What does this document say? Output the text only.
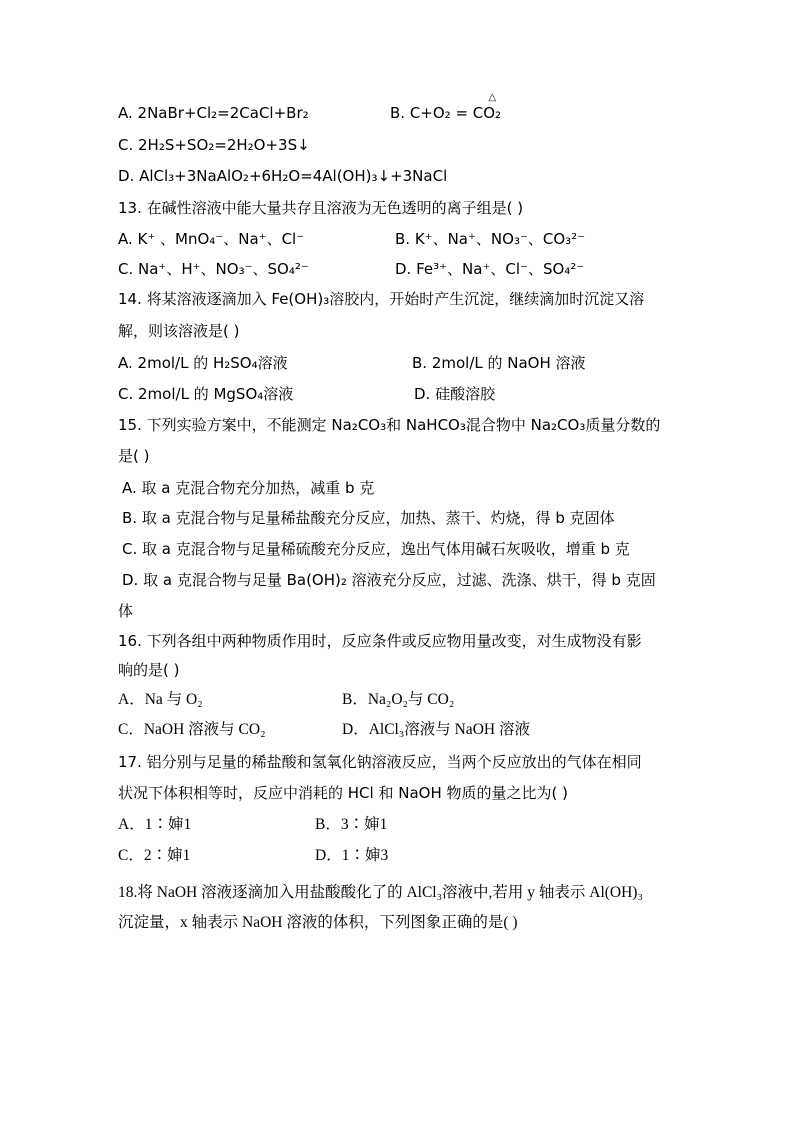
A. 2NaBr+Cl₂=2CaCl+Br₂	B. C+O₂ = C
△
O₂
C. 2H₂S+SO₂=2H₂O+3S↓
D. AlCl₃+3NaAlO₂+6H₂O=4Al(OH)₃↓+3NaCl
13. 在碱性溶液中能大量共存且溶液为无色透明的离子组是( )
A. K⁺ 、MnO₄⁻、Na⁺、Cl⁻	B. K⁺、Na⁺、NO₃⁻、CO₃²⁻
C. Na⁺、H⁺、NO₃⁻、SO₄²⁻	D. Fe³⁺、Na⁺、Cl⁻、SO₄²⁻
14. 将某溶液逐滴加入 Fe(OH)₃溶胶内，开始时产生沉淀，继续滴加时沉淀又溶
解，则该溶液是( )
A. 2mol/L 的 H₂SO₄溶液	B. 2mol/L 的 NaOH 溶液
C. 2mol/L 的 MgSO₄溶液	D. 硅酸溶胶
15. 下列实验方案中，不能测定 Na₂CO₃和 NaHCO₃混合物中 Na₂CO₃质量分数的
是( )
A. 取 a 克混合物充分加热，减重 b 克
B. 取 a 克混合物与足量稀盐酸充分反应，加热、蒸干、灼烧，得 b 克固体
C. 取 a 克混合物与足量稀硫酸充分反应，逸出气体用碱石灰吸收，增重 b 克
D. 取 a 克混合物与足量 Ba(OH)₂ 溶液充分反应，过滤、洗涤、烘干，得 b 克固
体
16. 下列各组中两种物质作用时，反应条件或反应物用量改变，对生成物没有影
响的是( )
A．Na 与 O₂	B．Na₂O₂与 CO₂
C．NaOH 溶液与 CO₂	D．AlCl₃溶液与 NaOH 溶液
17. 铝分别与足量的稀盐酸和氢氧化钠溶液反应，当两个反应放出的气体在相同
状况下体积相等时，反应中消耗的 HCl 和 NaOH 物质的量之比为( )
A．1∶婶1	B．3∶婶1
C．2∶婶1	D．1∶婶3
18.将 NaOH 溶液逐滴加入用盐酸酸化了的 AlCl₃溶液中,若用 y 轴表示 Al(OH)₃
沉淀量，x 轴表示 NaOH 溶液的体积，下列图象正确的是( )
